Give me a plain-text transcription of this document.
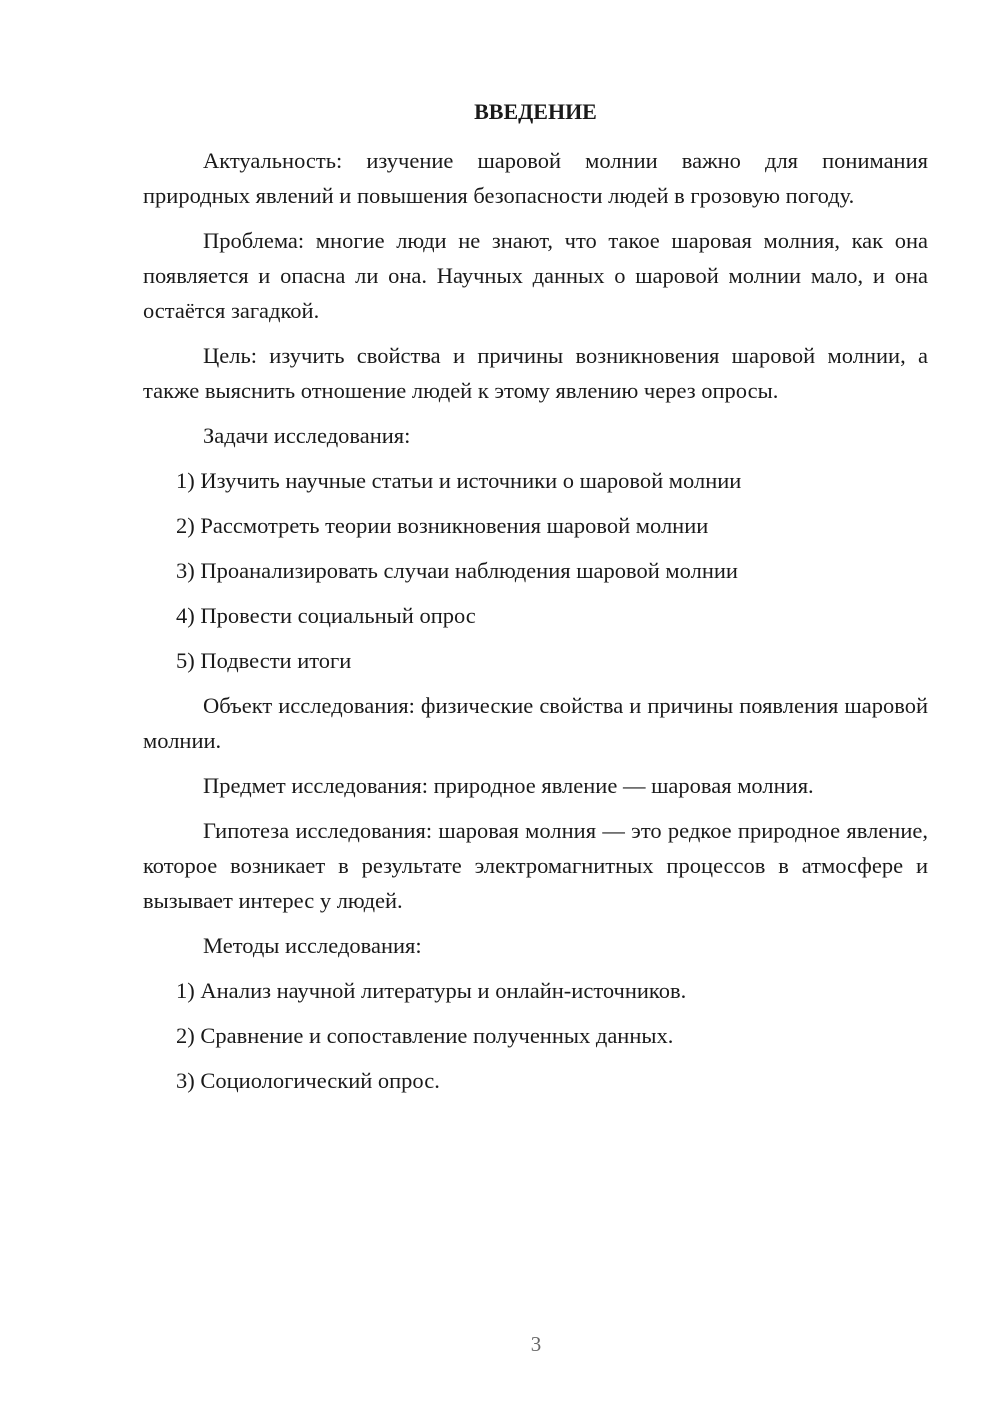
ВВЕДЕНИЕ

Актуальность: изучение шаровой молнии важно для понимания природных явлений и повышения безопасности людей в грозовую погоду.

Проблема: многие люди не знают, что такое шаровая молния, как она появляется и опасна ли она. Научных данных о шаровой молнии мало, и она остаётся загадкой.

Цель: изучить свойства и причины возникновения шаровой молнии, а также выяснить отношение людей к этому явлению через опросы.

Задачи исследования:

1) Изучить научные статьи и источники о шаровой молнии
2) Рассмотреть теории возникновения шаровой молнии
3) Проанализировать случаи наблюдения шаровой молнии
4) Провести социальный опрос
5) Подвести итоги

Объект исследования: физические свойства и причины появления шаровой молнии.

Предмет исследования: природное явление — шаровая молния.

Гипотеза исследования: шаровая молния — это редкое природное явление, которое возникает в результате электромагнитных процессов в атмосфере и вызывает интерес у людей.

Методы исследования:

1) Анализ научной литературы и онлайн-источников.
2) Сравнение и сопоставление полученных данных.
3) Социологический опрос.
3
